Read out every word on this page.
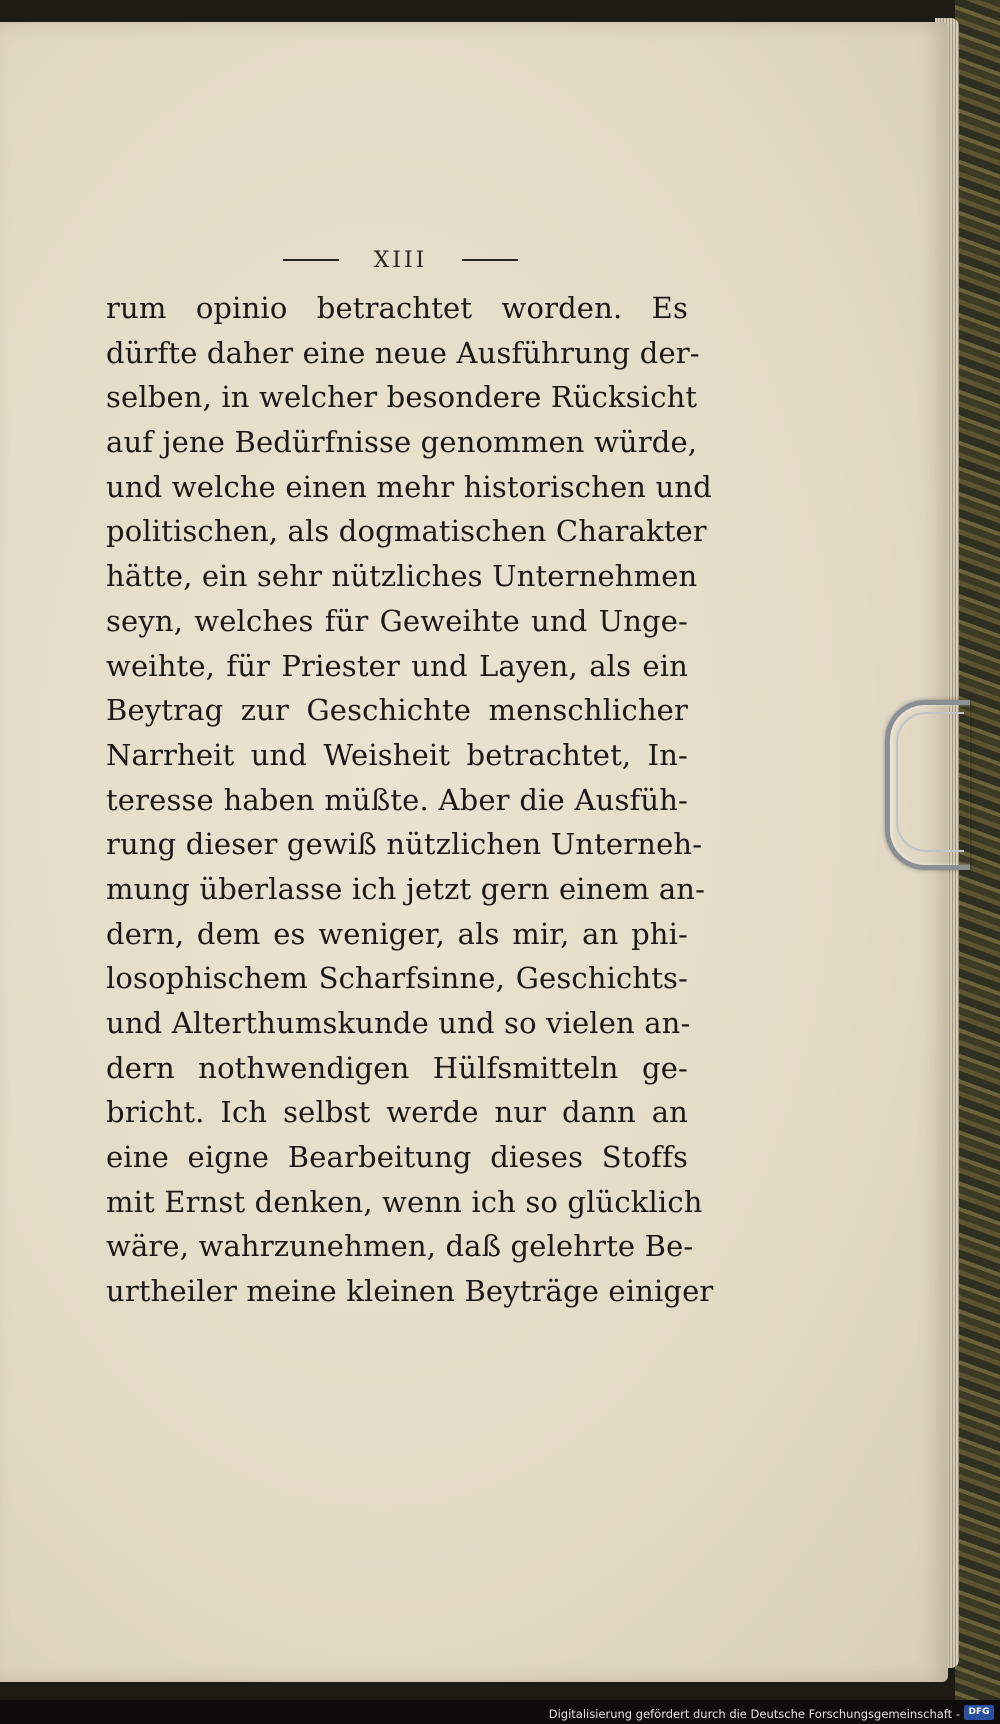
XIII
rum opinio betrachtet worden. Es
dürfte daher eine neue Ausführung der-
selben, in welcher besondere Rücksicht
auf jene Bedürfnisse genommen würde,
und welche einen mehr historischen und
politischen, als dogmatischen Charakter
hätte, ein sehr nützliches Unternehmen
seyn, welches für Geweihte und Unge-
weihte, für Priester und Layen, als ein
Beytrag zur Geschichte menschlicher
Narrheit und Weisheit betrachtet, In-
teresse haben müßte. Aber die Ausfüh-
rung dieser gewiß nützlichen Unterneh-
mung überlasse ich jetzt gern einem an-
dern, dem es weniger, als mir, an phi-
losophischem Scharfsinne, Geschichts-
und Alterthumskunde und so vielen an-
dern nothwendigen Hülfsmitteln ge-
bricht. Ich selbst werde nur dann an
eine eigne Bearbeitung dieses Stoffs
mit Ernst denken, wenn ich so glücklich
wäre, wahrzunehmen, daß gelehrte Be-
urtheiler meine kleinen Beyträge einiger
Digitalisierung gefördert durch die Deutsche Forschungsgemeinschaft - DFG
